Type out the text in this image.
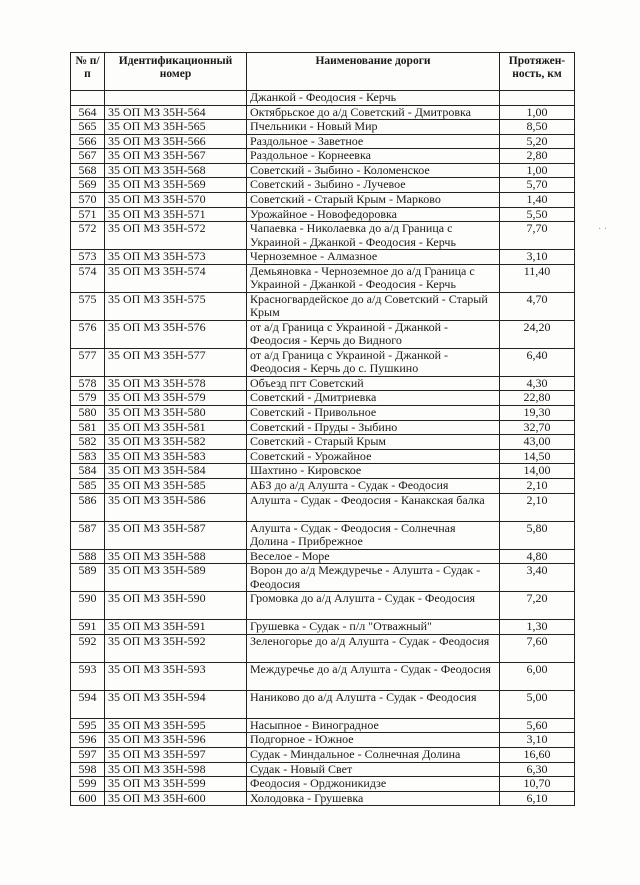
· ·
№ п/п	Идентификационный номер	Наименование дороги	Протяжен-ность, км
		Джанкой - Феодосия - Керчь	
564	35 ОП МЗ 35Н-564	Октябрьское до а/д Советский - Дмитровка	1,00
565	35 ОП МЗ 35Н-565	Пчельники - Новый Мир	8,50
566	35 ОП МЗ 35Н-566	Раздольное - Заветное	5,20
567	35 ОП МЗ 35Н-567	Раздольное - Корнеевка	2,80
568	35 ОП МЗ 35Н-568	Советский - Зыбино - Коломенское	1,00
569	35 ОП МЗ 35Н-569	Советский - Зыбино - Лучевое	5,70
570	35 ОП МЗ 35Н-570	Советский - Старый Крым - Марково	1,40
571	35 ОП МЗ 35Н-571	Урожайное - Новофедоровка	5,50
572	35 ОП МЗ 35Н-572	Чапаевка - Николаевка до а/д Граница с Украиной - Джанкой - Феодосия - Керчь	7,70
573	35 ОП МЗ 35Н-573	Черноземное - Алмазное	3,10
574	35 ОП МЗ 35Н-574	Демьяновка - Черноземное до а/д Граница с Украиной - Джанкой - Феодосия - Керчь	11,40
575	35 ОП МЗ 35Н-575	Красногвардейское до а/д Советский - Старый Крым	4,70
576	35 ОП МЗ 35Н-576	от а/д Граница с Украиной - Джанкой - Феодосия - Керчь до Видного	24,20
577	35 ОП МЗ 35Н-577	от а/д Граница с Украиной - Джанкой - Феодосия - Керчь до с. Пушкино	6,40
578	35 ОП МЗ 35Н-578	Объезд пгт Советский	4,30
579	35 ОП МЗ 35Н-579	Советский - Дмитриевка	22,80
580	35 ОП МЗ 35Н-580	Советский - Привольное	19,30
581	35 ОП МЗ 35Н-581	Советский - Пруды - Зыбино	32,70
582	35 ОП МЗ 35Н-582	Советский - Старый Крым	43,00
583	35 ОП МЗ 35Н-583	Советский - Урожайное	14,50
584	35 ОП МЗ 35Н-584	Шахтино - Кировское	14,00
585	35 ОП МЗ 35Н-585	АБЗ до а/д Алушта - Судак - Феодосия	2,10
586	35 ОП МЗ 35Н-586	Алушта - Судак - Феодосия - Канакская балка	2,10
587	35 ОП МЗ 35Н-587	Алушта - Судак - Феодосия - Солнечная Долина - Прибрежное	5,80
588	35 ОП МЗ 35Н-588	Веселое - Море	4,80
589	35 ОП МЗ 35Н-589	Ворон до а/д Междуречье - Алушта - Судак - Феодосия	3,40
590	35 ОП МЗ 35Н-590	Громовка до а/д Алушта - Судак - Феодосия	7,20
591	35 ОП МЗ 35Н-591	Грушевка - Судак - п/л "Отважный"	1,30
592	35 ОП МЗ 35Н-592	Зеленогорье до а/д Алушта - Судак - Феодосия	7,60
593	35 ОП МЗ 35Н-593	Междуречье до а/д Алушта - Судак - Феодосия	6,00
594	35 ОП МЗ 35Н-594	Наниково до а/д Алушта - Судак - Феодосия	5,00
595	35 ОП МЗ 35Н-595	Насыпное - Виноградное	5,60
596	35 ОП МЗ 35Н-596	Подгорное - Южное	3,10
597	35 ОП МЗ 35Н-597	Судак - Миндальное - Солнечная Долина	16,60
598	35 ОП МЗ 35Н-598	Судак - Новый Свет	6,30
599	35 ОП МЗ 35Н-599	Феодосия - Орджоникидзе	10,70
600	35 ОП МЗ 35Н-600	Холодовка - Грушевка	6,10
